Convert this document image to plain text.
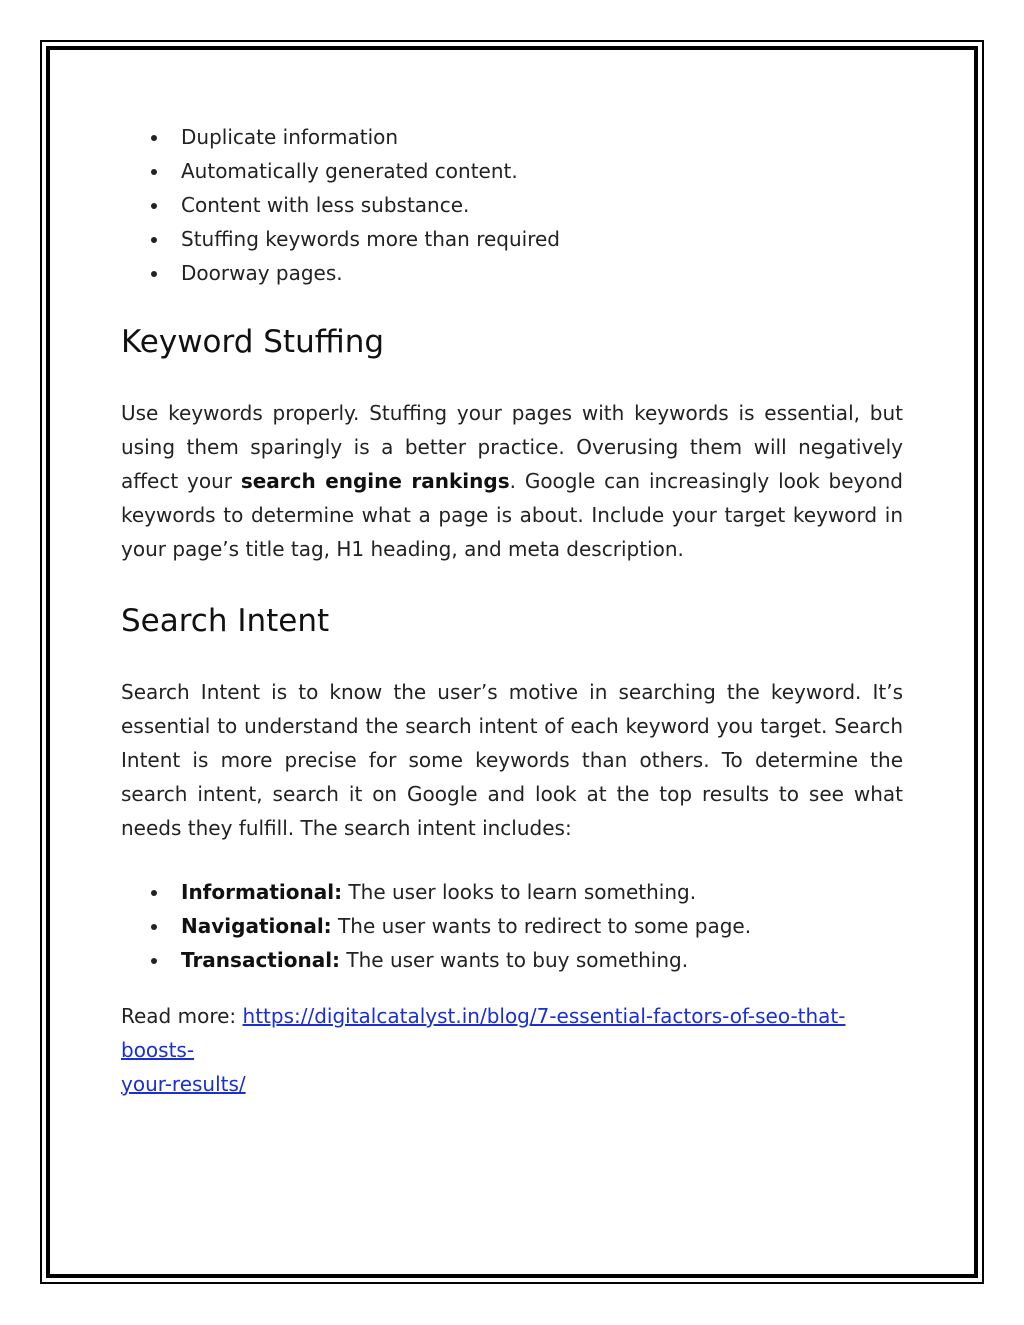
Duplicate information
Automatically generated content.
Content with less substance.
Stuffing keywords more than required
Doorway pages.
Keyword Stuffing

Use keywords properly. Stuffing your pages with keywords is essential, but using them sparingly is a better practice. Overusing them will negatively affect your search engine rankings. Google can increasingly look beyond keywords to determine what a page is about. Include your target keyword in your page’s title tag, H1 heading, and meta description.

Search Intent

Search Intent is to know the user’s motive in searching the keyword. It’s essential to understand the search intent of each keyword you target. Search Intent is more precise for some keywords than others. To determine the search intent, search it on Google and look at the top results to see what needs they fulfill. The search intent includes:

Informational: The user looks to learn something.
Navigational: The user wants to redirect to some page.
Transactional: The user wants to buy something.

Read more: https://digitalcatalyst.in/blog/7-essential-factors-of-seo-that-boosts-
your-results/
